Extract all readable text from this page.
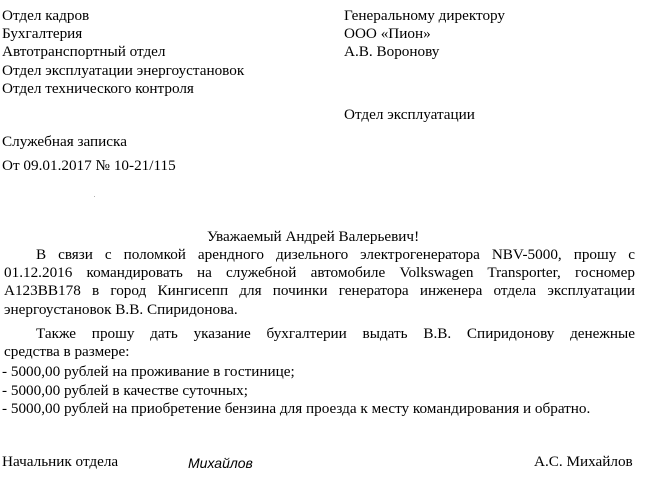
Отдел кадров
Бухгалтерия
Автотранспортный отдел
Отдел эксплуатации энергоустановок
Отдел технического контроля
Генеральному директору
ООО «Пион»
А.В. Воронову
Отдел эксплуатации
Служебная записка
От 09.01.2017 № 10-21/115
Уважаемый Андрей Валерьевич!
В связи с поломкой арендного дизельного электрогенератора NBV-5000, прошу с
01.12.2016 командировать на служебной автомобиле Volkswagen Transporter, госномер
А123ВВ178 в город Кингисепп для починки генератора инженера отдела эксплуатации
энергоустановок В.В. Спиридонова.
Также прошу дать указание бухгалтерии выдать В.В. Спиридонову денежные
средства в размере:
- 5000,00 рублей на проживание в гостинице;
- 5000,00 рублей в качестве суточных;
- 5000,00 рублей на приобретение бензина для проезда к месту командирования и обратно.
Начальник отдела	Михайлов	А.С. Михайлов
